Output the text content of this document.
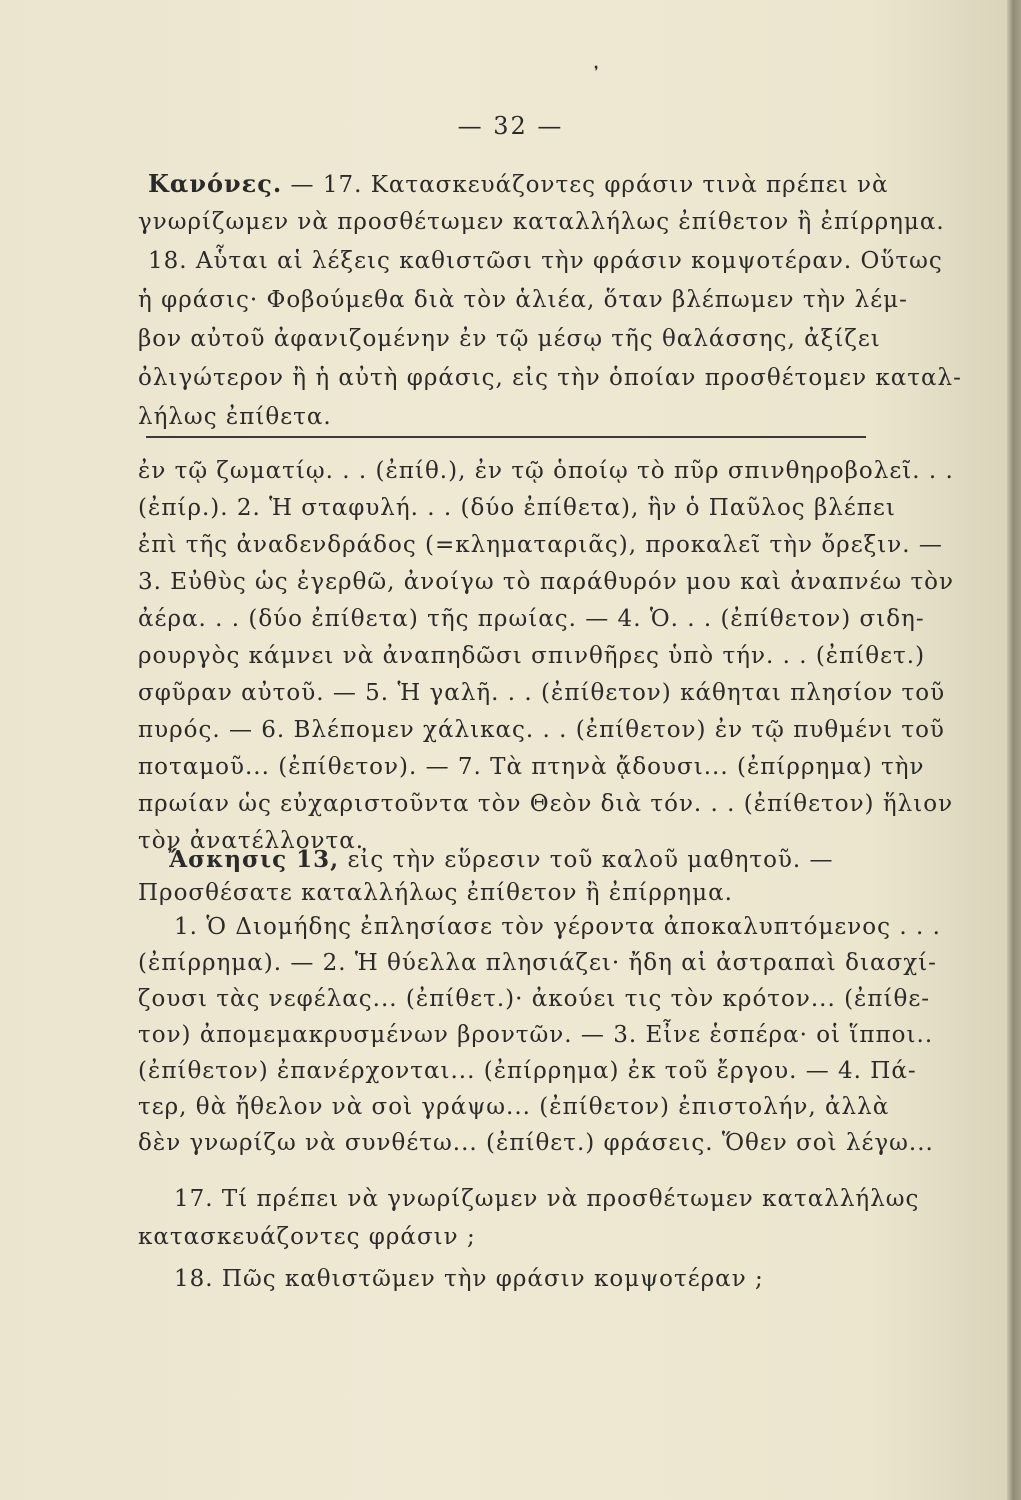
❜
— 32 —
Κανόνες. — 17. Κατασκευάζοντες φράσιν τινὰ πρέπει νὰ
γνωρίζωμεν νὰ προσθέτωμεν καταλλήλως ἐπίθετον ἢ ἐπίρρημα.
18. Αὗται αἱ λέξεις καθιστῶσι τὴν φράσιν κομψοτέραν. Οὕτως
ἡ φράσις· Φοβούμεθα διὰ τὸν ἁλιέα, ὅταν βλέπωμεν τὴν λέμ-
βον αὐτοῦ ἀφανιζομένην ἐν τῷ μέσῳ τῆς θαλάσσης, ἀξίζει
ὀλιγώτερον ἢ ἡ αὐτὴ φράσις, εἰς τὴν ὁποίαν προσθέτομεν καταλ-
λήλως ἐπίθετα.
ἐν τῷ ζωματίῳ. . . (ἐπίθ.), ἐν τῷ ὁποίῳ τὸ πῦρ σπινθηροβολεῖ. . .
(ἐπίρ.). 2. Ἡ σταφυλή. . . (δύο ἐπίθετα), ἣν ὁ Παῦλος βλέπει
ἐπὶ τῆς ἀναδενδράδος (=κληματαριᾶς), προκαλεῖ τὴν ὄρεξιν. —
3. Εὐθὺς ὡς ἐγερθῶ, ἀνοίγω τὸ παράθυρόν μου καὶ ἀναπνέω τὸν
ἀέρα. . . (δύο ἐπίθετα) τῆς πρωίας. — 4. Ὁ. . . (ἐπίθετον) σιδη-
ρουργὸς κάμνει νὰ ἀναπηδῶσι σπινθῆρες ὑπὸ τήν. . . (ἐπίθετ.)
σφῦραν αὐτοῦ. — 5. Ἡ γαλῆ. . . (ἐπίθετον) κάθηται πλησίον τοῦ
πυρός. — 6. Βλέπομεν χάλικας. . . (ἐπίθετον) ἐν τῷ πυθμένι τοῦ
ποταμοῦ... (ἐπίθετον). — 7. Τὰ πτηνὰ ᾄδουσι... (ἐπίρρημα) τὴν
πρωίαν ὡς εὐχαριστοῦντα τὸν Θεὸν διὰ τόν. . . (ἐπίθετον) ἥλιον
τὸν ἀνατέλλοντα.
Ἄσκησις 13, εἰς τὴν εὕρεσιν τοῦ καλοῦ μαθητοῦ. —
Προσθέσατε καταλλήλως ἐπίθετον ἢ ἐπίρρημα.
1. Ὁ Διομήδης ἐπλησίασε τὸν γέροντα ἀποκαλυπτόμενος . . .
(ἐπίρρημα). — 2. Ἡ θύελλα πλησιάζει· ἤδη αἱ ἀστραπαὶ διασχί-
ζουσι τὰς νεφέλας... (ἐπίθετ.)· ἀκούει τις τὸν κρότον... (ἐπίθε-
τον) ἀπομεμακρυσμένων βροντῶν. — 3. Εἶνε ἑσπέρα· οἱ ἵπποι..
(ἐπίθετον) ἐπανέρχονται... (ἐπίρρημα) ἐκ τοῦ ἔργου. — 4. Πά-
τερ, θὰ ἤθελον νὰ σοὶ γράψω... (ἐπίθετον) ἐπιστολήν, ἀλλὰ
δὲν γνωρίζω νὰ συνθέτω... (ἐπίθετ.) φράσεις. Ὅθεν σοὶ λέγω...
17. Τί πρέπει νὰ γνωρίζωμεν νὰ προσθέτωμεν καταλλήλως
κατασκευάζοντες φράσιν ;
18. Πῶς καθιστῶμεν τὴν φράσιν κομψοτέραν ;
